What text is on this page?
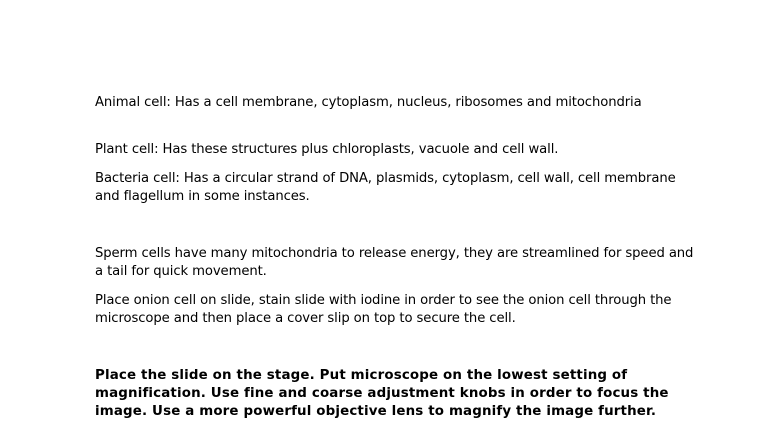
Animal cell: Has a cell membrane, cytoplasm, nucleus, ribosomes and mitochondria

Plant cell: Has these structures plus chloroplasts, vacuole and cell wall.

Bacteria cell: Has a circular strand of DNA, plasmids, cytoplasm, cell wall, cell membrane and flagellum in some instances.

Sperm cells have many mitochondria to release energy, they are streamlined for speed and a tail for quick movement.

Place onion cell on slide, stain slide with iodine in order to see the onion cell through the microscope and then place a cover slip on top to secure the cell.

Place the slide on the stage. Put microscope on the lowest setting of magnification. Use fine and coarse adjustment knobs in order to focus the image. Use a more powerful objective lens to magnify the image further.
